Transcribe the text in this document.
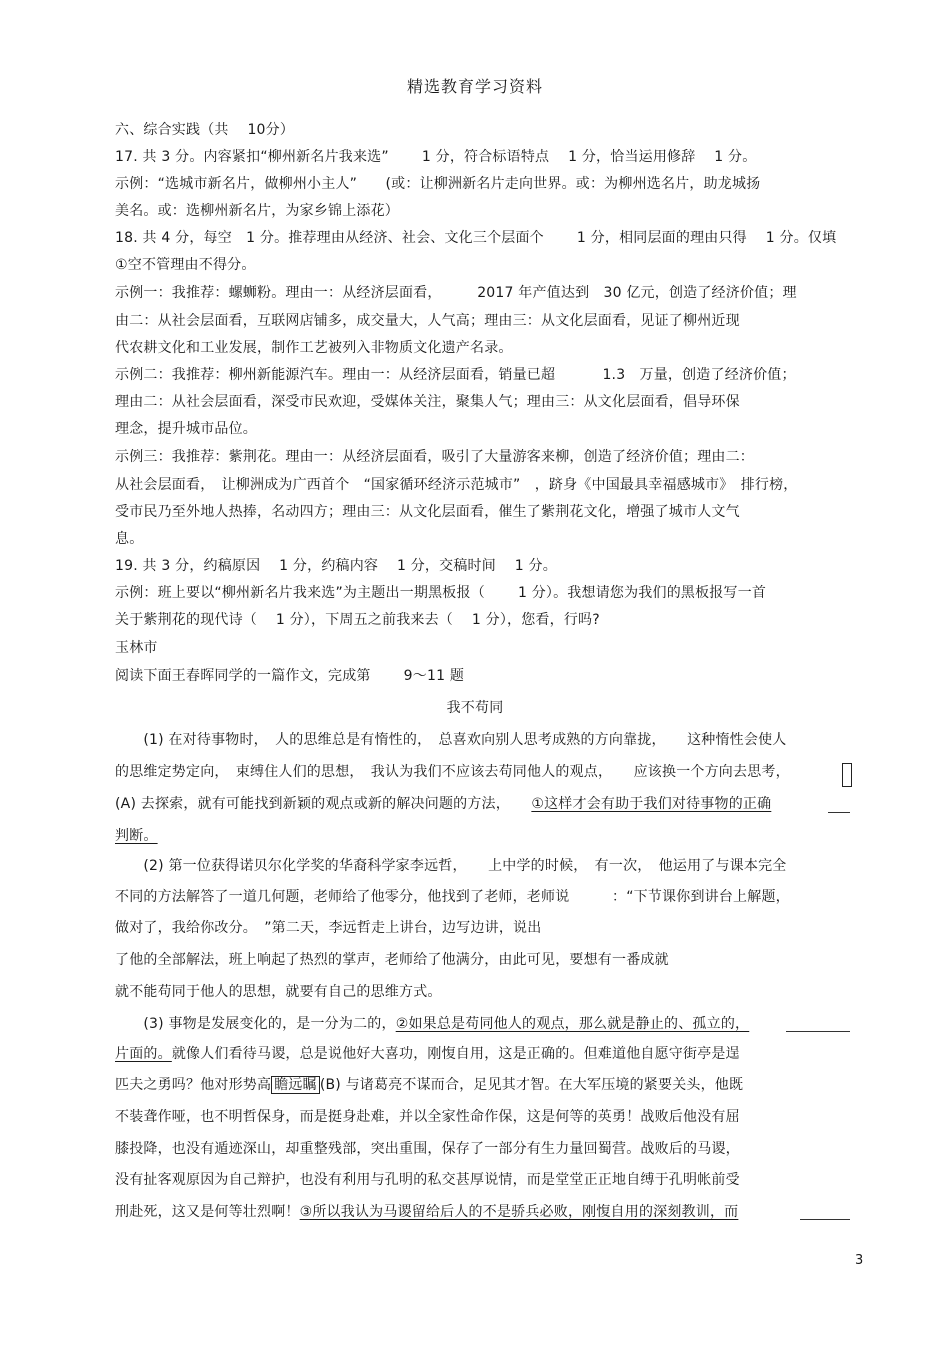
精选教育学习资料
六、综合实践（共　 10分）
17. 共 3 分。内容紧扣“柳州新名片我来选”　　 1 分，符合标语特点　 1 分，恰当运用修辞　 1 分。
示例：“选城市新名片，做柳州小主人”　　(或：让柳洲新名片走向世界。或：为柳州选名片，助龙城扬
美名。或：选柳州新名片，为家乡锦上添花）
18. 共 4 分，每空　1 分。推荐理由从经济、社会、文化三个层面个　　 1 分，相同层面的理由只得　 1 分。仅填
①空不管理由不得分。
示例一：我推荐：螺蛳粉。理由一：从经济层面看，　　　2017 年产值达到　30 亿元，创造了经济价值；理
由二：从社会层面看，互联网店铺多，成交量大，人气高；理由三：从文化层面看，见证了柳州近现
代农耕文化和工业发展，制作工艺被列入非物质文化遗产名录。
示例二：我推荐：柳州新能源汽车。理由一：从经济层面看，销量已超　　　 1.3　万量，创造了经济价值；
理由二：从社会层面看，深受市民欢迎，受媒体关注，聚集人气；理由三：从文化层面看，倡导环保
理念，提升城市品位。
示例三：我推荐：紫荆花。理由一：从经济层面看，吸引了大量游客来柳，创造了经济价值；理由二：
从社会层面看，　让柳洲成为广西首个　“国家循环经济示范城市”　，跻身《中国最具幸福感城市》　排行榜，
受市民乃至外地人热捧，名动四方；理由三：从文化层面看，催生了紫荆花文化，增强了城市人文气
息。
19. 共 3 分，约稿原因　 1 分，约稿内容　 1 分，交稿时间　 1 分。
示例：班上要以“柳州新名片我来选”为主题出一期黑板报（　　 1 分）。我想请您为我们的黑板报写一首
关于紫荆花的现代诗（　 1 分），下周五之前我来去（　 1 分），您看，行吗?
玉林市
阅读下面王春晖同学的一篇作文，完成第　　 9～11 题
我不苟同
　　(1) 在对待事物时，　人的思维总是有惰性的，　总喜欢向别人思考成熟的方向靠拢，　　这种惰性会使人
的思维定势定向，　束缚住人们的思想，　我认为我们不应该去苟同他人的观点，　　应该换一个方向去思考，
(A) 去探索，就有可能找到新颖的观点或新的解决问题的方法，　　①这样才会有助于我们对待事物的正确
判断。
　　(2) 第一位获得诺贝尔化学奖的华裔科学家李远哲，　　上中学的时候，　有一次，　他运用了与课本完全
不同的方法解答了一道几何题，老师给了他零分，他找到了老师，老师说　　　：“下节课你到讲台上解题，
做对了，我给你改分。　”第二天，李远哲走上讲台，边写边讲，说出
了他的全部解法，班上响起了热烈的掌声，老师给了他满分，由此可见，要想有一番成就
就不能苟同于他人的思想，就要有自己的思维方式。
　　(3) 事物是发展变化的，是一分为二的，②如果总是苟同他人的观点，那么就是静止的、孤立的，
片面的。就像人们看待马谡，总是说他好大喜功，刚愎自用，这是正确的。但难道他自愿守街亭是逞
匹夫之勇吗？他对形势高 瞻远瞩 (B) 与诸葛亮不谋而合，足见其才智。在大军压境的紧要关头，他既
不装聋作哑，也不明哲保身，而是挺身赴难，并以全家性命作保，这是何等的英勇！战败后他没有屈
膝投降，也没有遁迹深山，却重整残部，突出重围，保存了一部分有生力量回蜀营。战败后的马谡，
没有扯客观原因为自己辩护，也没有利用与孔明的私交甚厚说情，而是堂堂正正地自缚于孔明帐前受
刑赴死，这又是何等壮烈啊！③所以我认为马谡留给后人的不是骄兵必败，刚愎自用的深刻教训，而
3
